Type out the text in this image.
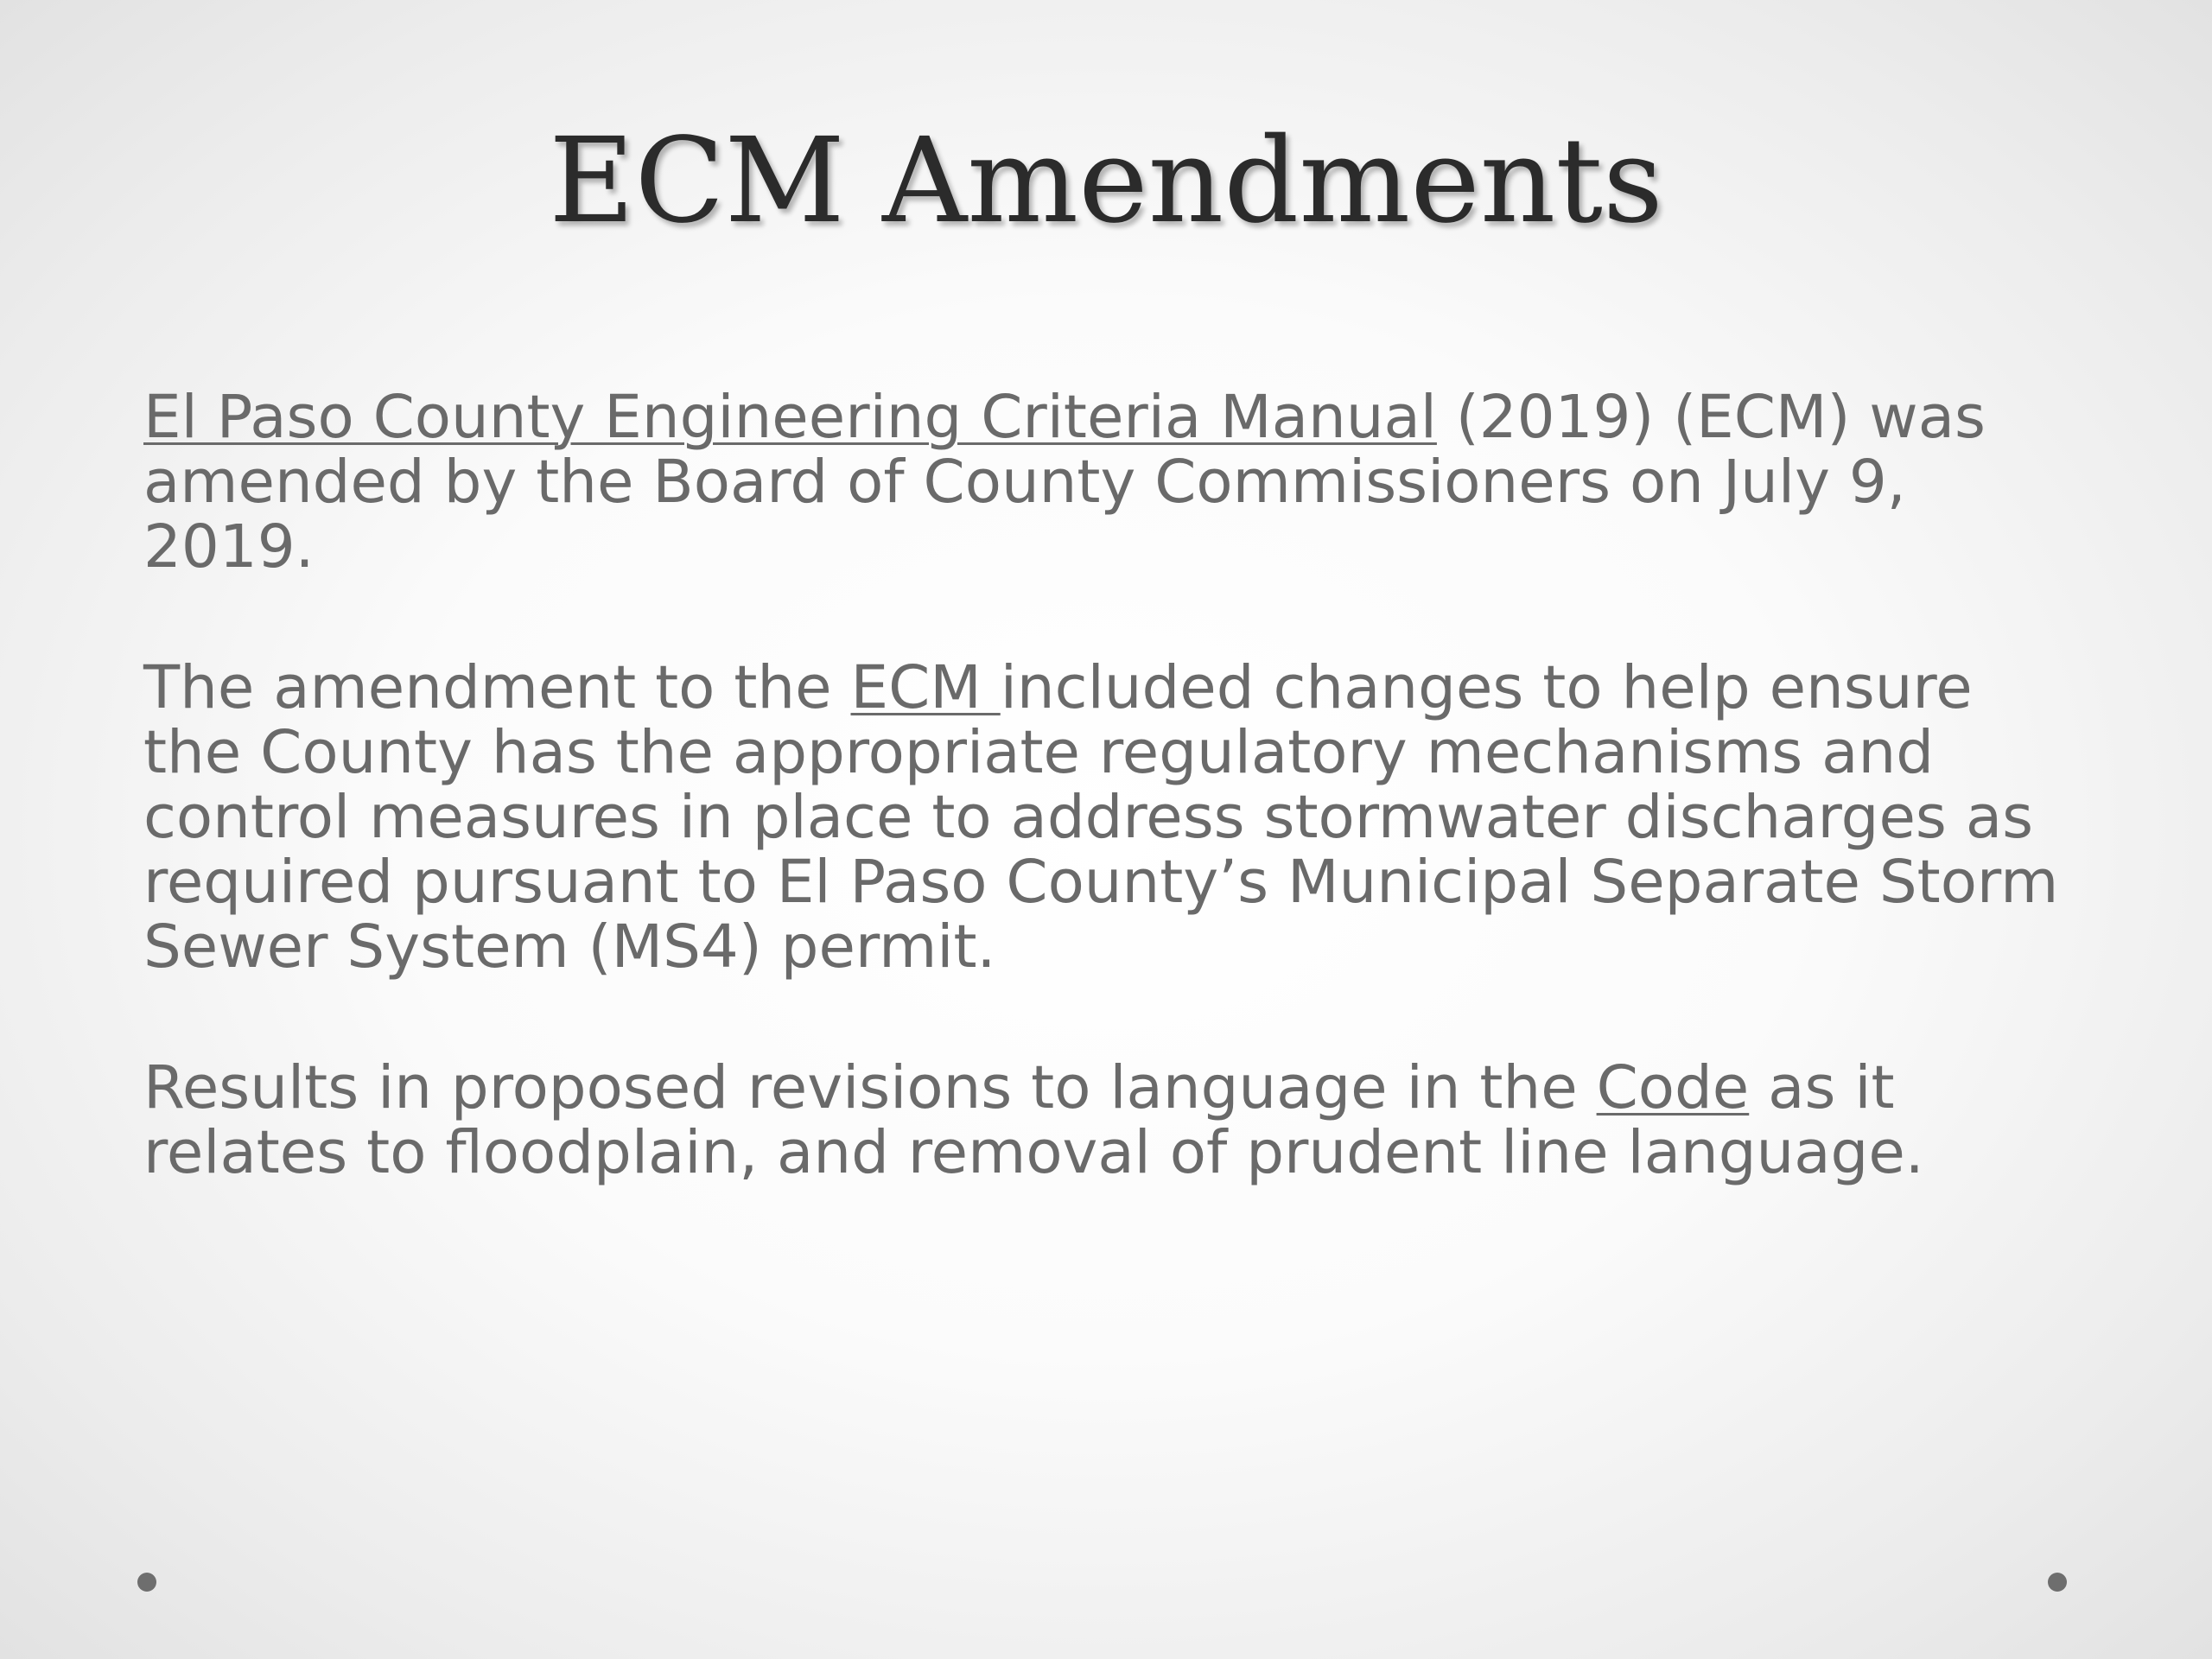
ECM Amendments

El Paso County Engineering Criteria Manual (2019) (ECM) was amended by the Board of County Commissioners on July 9, 2019.

The amendment to the ECM included changes to help ensure the County has the appropriate regulatory mechanisms and control measures in place to address stormwater discharges as required pursuant to El Paso County’s Municipal Separate Storm Sewer System (MS4) permit.

Results in proposed revisions to language in the Code as it relates to floodplain, and removal of prudent line language.
